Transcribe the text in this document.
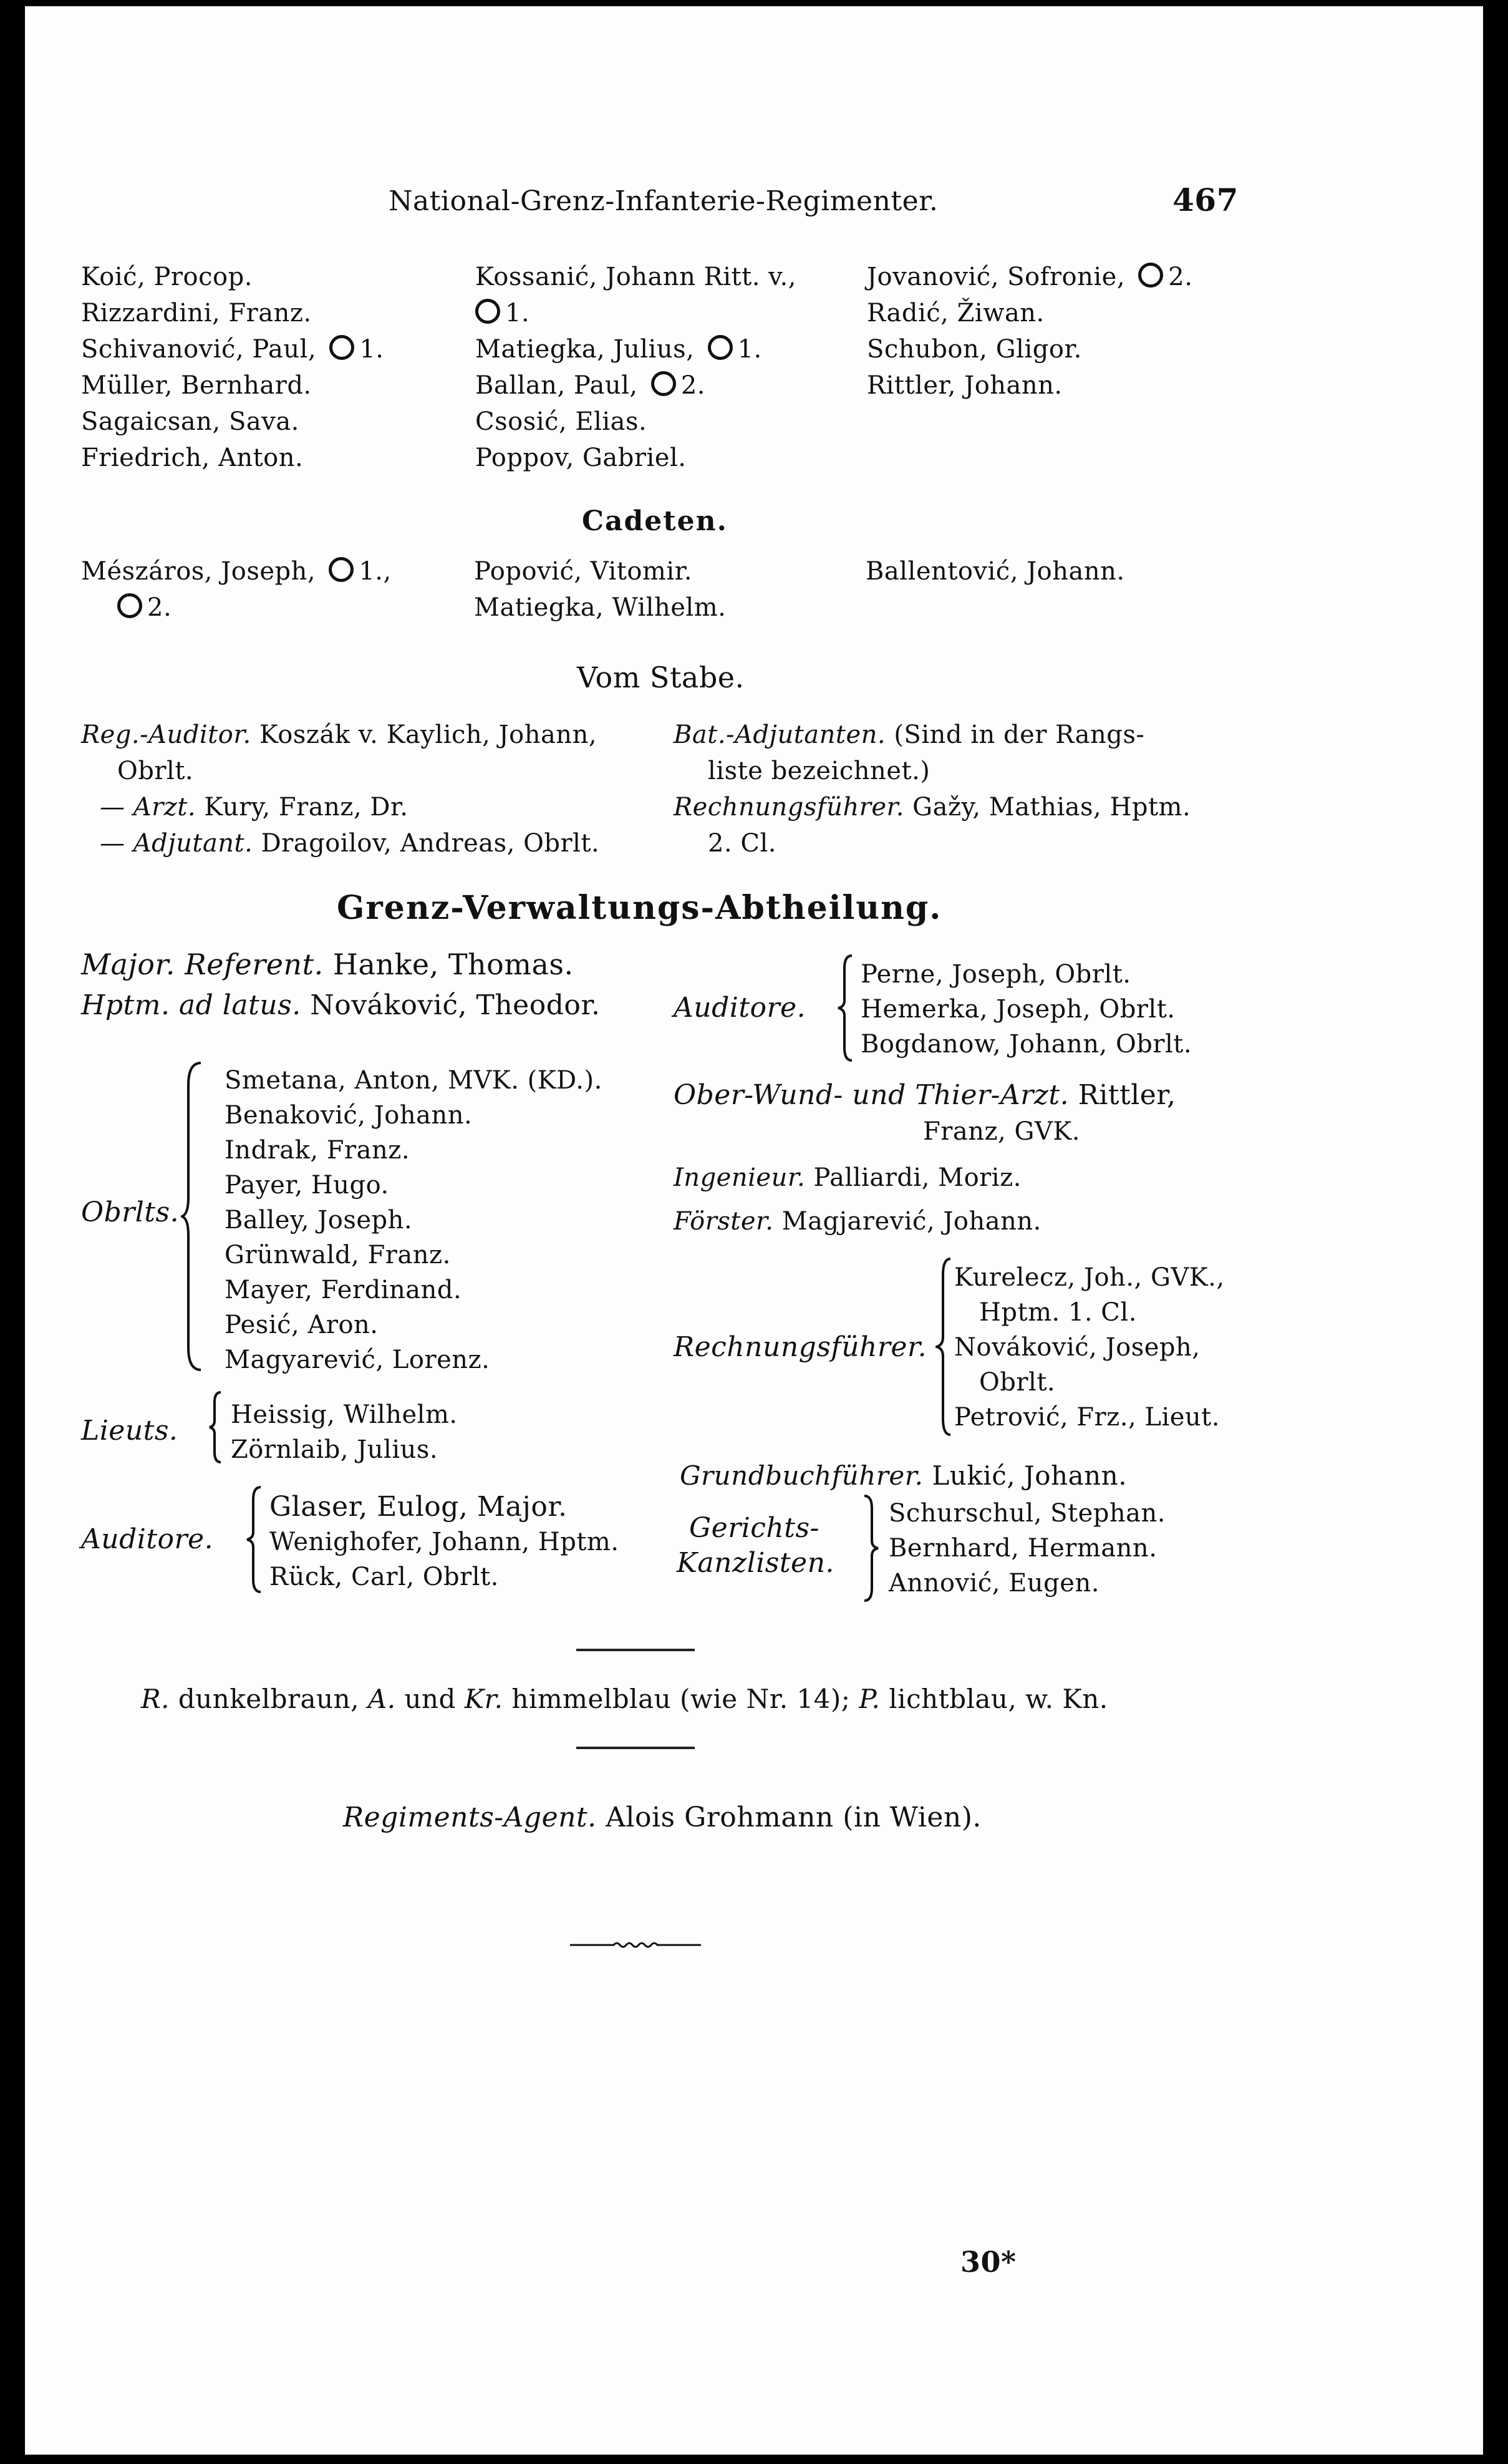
National-Grenz-Infanterie-Regimenter.	467
Koić, Procop.
Rizzardini, Franz.
Schivanović, Paul, 1.
Müller, Bernhard.
Sagaicsan, Sava.
Friedrich, Anton.
Kossanić, Johann Ritt. v.,
1.
Matiegka, Julius, 1.
Ballan, Paul, 2.
Csosić, Elias.
Poppov, Gabriel.
Jovanović, Sofronie, 2.
Radić, Žiwan.
Schubon, Gligor.
Rittler, Johann.
Cadeten.
Mészáros, Joseph, 1.,
2.
Popović, Vitomir.
Matiegka, Wilhelm.
Ballentović, Johann.
Vom Stabe.
Reg.-Auditor. Koszák v. Kaylich, Johann,
Obrlt.
— Arzt. Kury, Franz, Dr.
— Adjutant. Dragoilov, Andreas, Obrlt.
Bat.-Adjutanten. (Sind in der Rangs-
liste bezeichnet.)
Rechnungsführer. Gažy, Mathias, Hptm.
2. Cl.
Grenz-Verwaltungs-Abtheilung.
Major. Referent. Hanke, Thomas.
Hptm. ad latus. Nováković, Theodor.
Obrlts.
Smetana, Anton, MVK. (KD.).
Benaković, Johann.
Indrak, Franz.
Payer, Hugo.
Balley, Joseph.
Grünwald, Franz.
Mayer, Ferdinand.
Pesić, Aron.
Magyarević, Lorenz.
Lieuts. Heissig, Wilhelm.
Zörnlaib, Julius.
Auditore.
Glaser, Eulog, Major.
Wenighofer, Johann, Hptm.
Rück, Carl, Obrlt.
Auditore.
Perne, Joseph, Obrlt.
Hemerka, Joseph, Obrlt.
Bogdanow, Johann, Obrlt.
Ober-Wund- und Thier-Arzt. Rittler,
Franz, GVK.
Ingenieur. Palliardi, Moriz.
Förster. Magjarević, Johann.
Rechnungsführer.
Kurelecz, Joh., GVK.,
Hptm. 1. Cl.
Nováković, Joseph,
Obrlt.
Petrović, Frz., Lieut.
Grundbuchführer. Lukić, Johann.
Gerichts-
Kanzlisten.
Schurschul, Stephan.
Bernhard, Hermann.
Annović, Eugen.
R. dunkelbraun, A. und Kr. himmelblau (wie Nr. 14); P. lichtblau, w. Kn.
Regiments-Agent. Alois Grohmann (in Wien).
30*
